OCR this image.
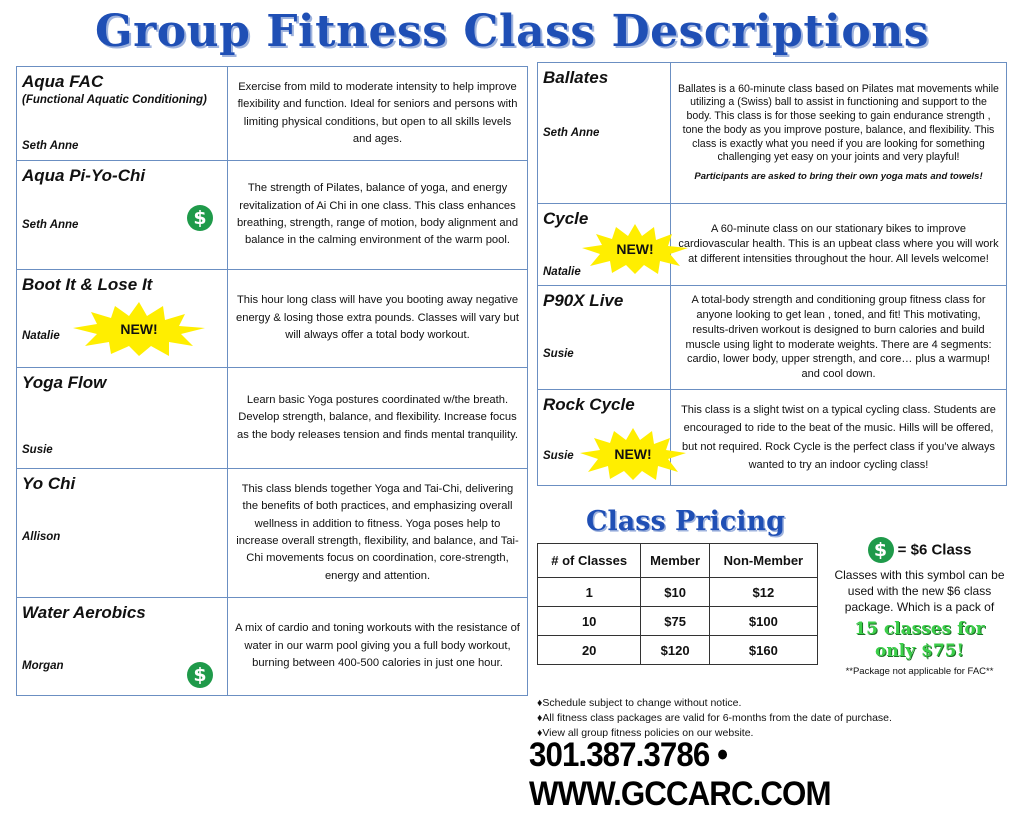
Group Fitness Class Descriptions
Aqua FAC
(Functional Aquatic Conditioning)
Seth Anne
Exercise from mild to moderate intensity to help improve flexibility and function. Ideal for seniors and persons with limiting physical conditions, but open to all skills levels and ages.
Aqua Pi-Yo-Chi
Seth Anne	$
The strength of Pilates, balance of yoga, and energy revitalization of Ai Chi in one class. This class enhances breathing, strength, range of motion, body alignment and balance in the calming environment of the warm pool.
Boot It & Lose It
Natalie	NEW!
This hour long class will have you booting away negative energy & losing those extra pounds. Classes will vary but will always offer a total body workout.
Yoga Flow
Susie
Learn basic Yoga postures coordinated w/the breath. Develop strength, balance, and flexibility. Increase focus as the body releases tension and finds mental tranquility.
Yo Chi
Allison
This class blends together Yoga and Tai-Chi, delivering the benefits of both practices, and emphasizing overall wellness in addition to fitness. Yoga poses help to increase overall strength, flexibility, and balance, and Tai-Chi movements focus on coordination, core-strength, energy and attention.
Water Aerobics
Morgan	$
A mix of cardio and toning workouts with the resistance of water in our warm pool giving you a full body workout, burning between 400-500 calories in just one hour.
Ballates
Seth Anne
Ballates is a 60-minute class based on Pilates mat movements while utilizing a (Swiss) ball to assist in functioning and support to the body. This class is for those seeking to gain endurance strength , tone the body as you improve posture, balance, and flexibility. This class is exactly what you need if you are looking for something challenging yet easy on your joints and very playful!
Participants are asked to bring their own yoga mats and towels!
Cycle
Natalie
NEW!
A 60-minute class on our stationary bikes to improve cardiovascular health. This is an upbeat class where you will work at different intensities throughout the hour. All levels welcome!
P90X Live
Susie
A total-body strength and conditioning group fitness class for anyone looking to get lean , toned, and fit! This motivating, results-driven workout is designed to burn calories and build muscle using light to moderate weights. There are 4 segments: cardio, lower body, upper strength, and core… plus a warmup! and cool down.
Rock Cycle
Susie	NEW!
This class is a slight twist on a typical cycling class. Students are encouraged to ride to the beat of the music. Hills will be offered, but not required. Rock Cycle is the perfect class if you’ve always wanted to try an indoor cycling class!
Class Pricing
# of Classes	Member	Non-Member
1	$10	$12
10	$75	$100
20	$120	$160
$ = $6 Class
Classes with this symbol can be used with the new $6 class package. Which is a pack of
15 classes for
only $75!
**Package not applicable for FAC**
♦Schedule subject to change without notice.
♦All fitness class packages are valid for 6-months from the date of purchase.
♦View all group fitness policies on our website.
301.387.3786 • WWW.GCCARC.COM
